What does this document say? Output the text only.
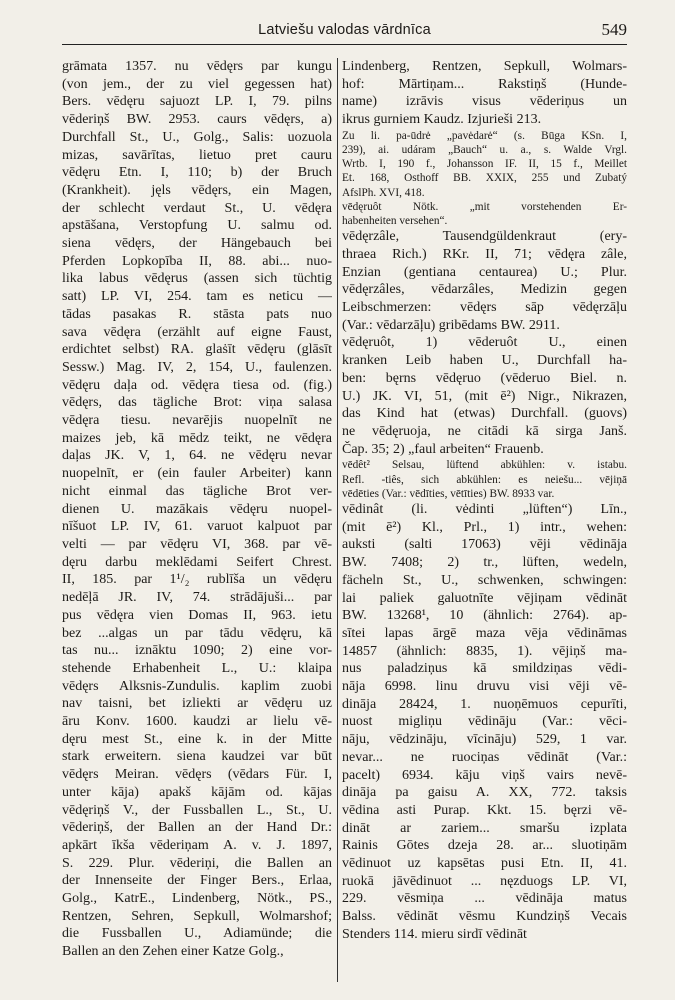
Latviešu valodas vārdnīca	549
grāmata 1357. nu vēdęrs par kungu
(von jem., der zu viel gegessen hat)
Bers. vēdęru sajuozt LP. I, 79. pilns
vēderiņš BW. 2953. caurs vēdęrs, a)
Durchfall St., U., Golg., Salis: uozuola
mizas, savārītas, lietuo pret cauru
vēdęru Etn. I, 110; b) der Bruch
(Krankheit). jęls vēdęrs, ein Magen,
der schlecht verdaut St., U. vēdęra
apstāšana, Verstopfung U. salmu od.
siena vēdęrs, der Hängebauch bei
Pferden Lopkopība II, 88. abi... nuo-
lika labus vēdęrus (assen sich tüchtig
satt) LP. VI, 254. tam es neticu —
tādas pasakas R. stāsta pats nuo
sava vēdęra (erzählt auf eigne Faust,
erdichtet selbst) RA. glaṡīt vēdęru (glāsīt
Sessw.) Mag. IV, 2, 154, U., faulenzen.
vēdęru daļa od. vēdęra tiesa od. (fig.)
vēdęrs, das tägliche Brot: viņa salasa
vēdęra tiesu. nevarējis nuopelnīt ne
maizes jeb, kā mēdz teikt, ne vēdęra
daļas JK. V, 1, 64. ne vēdęru nevar
nuopelnīt, er (ein fauler Arbeiter) kann
nicht einmal das tägliche Brot ver-
dienen U. mazākais vēdęru nuopel-
nīšuot LP. IV, 61. varuot kalpuot par
velti — par vēdęru VI, 368. par vē-
dęru darbu meklēdami Seifert Chrest.
II, 185. par 1¹/₂ rublīša un vēdęru
nedēļā JR. IV, 74. strādājuši... par
pus vēdęra vien Domas II, 963. ietu
bez ...algas un par tādu vēdęru, kā
tas nu... iznāktu 1090; 2) eine vor-
stehende Erhabenheit L., U.: klaipa
vēdęrs Alksnis-Zundulis. kaplim zuobi
nav taisni, bet izliekti ar vēdęru uz
āru Konv. 1600. kaudzi ar lielu vē-
dęru mest St., eine k. in der Mitte
stark erweitern. siena kaudzei var būt
vēdęrs Meiran. vēdęrs (vēdars Für. I,
unter kāja) apakš kājām od. kājas
vēdęriņš V., der Fussballen L., St., U.
vēderiņš, der Ballen an der Hand Dr.:
apkārt īkša vēderiņam A. v. J. 1897,
S. 229. Plur. vēderiņi, die Ballen an
der Innenseite der Finger Bers., Erlaa,
Golg., KatrE., Lindenberg, Nötk., PS.,
Rentzen, Sehren, Sepkull, Wolmarshof;
die Fussballen U., Adiamünde; die
Ballen an den Zehen einer Katze Golg.,
Lindenberg, Rentzen, Sepkull, Wolmars-
hof: Mārtiņam... Rakstiņš (Hunde-
name) izrāvis visus vēderiņus un
ikrus gurniem Kaudz. Izjurieši 213.
Zu li. pa-ūdrė „pavėdarė“ (s. Būga KSn. I,
239), ai. udáram „Bauch“ u. a., s. Walde Vrgl.
Wrtb. I, 190 f., Johansson IF. II, 15 f., Meillet
Et. 168, Osthoff BB. XXIX, 255 und Zubatý
AfslPh. XVI, 418.
vēdęruôt Nötk. „mit vorstehenden Er-
habenheiten versehen“.
vēdęrzâle, Tausendgüldenkraut (ery-
thraea Rich.) RKr. II, 71; vēdęra zâle,
Enzian (gentiana centaurea) U.; Plur.
vēdęrzâles, vēdarzâles, Medizin gegen
Leibschmerzen: vēdęrs sāp vēdęrzāļu
(Var.: vēdarzāļu) gribēdams BW. 2911.
vēdęruôt, 1) vēderuôt U., einen
kranken Leib haben U., Durchfall ha-
ben: bęrns vēdęruo (vēderuo Biel. n.
U.) JK. VI, 51, (mit ē²) Nigr., Nikrazen,
das Kind hat (etwas) Durchfall. (guovs)
ne vēdęruoja, ne citādi kā sirga Janš.
Čap. 35; 2) „faul arbeiten“ Frauenb.
vēdêt² Selsau, lüftend abkühlen: v. istabu.
Refl. -tiês, sich abkühlen: es neiešu... vējiņā
vēdēties (Var.: vēdīties, vētīties) BW. 8933 var.
vēdinât (li. vėdinti „lüften“) Līn.,
(mit ē²) Kl., Prl., 1) intr., wehen:
auksti (salti 17063) vēji vēdināja
BW. 7408; 2) tr., lüften, wedeln,
fächeln St., U., schwenken, schwingen:
lai paliek galuotnīte vējiņam vēdināt
BW. 13268¹, 10 (ähnlich: 2764). ap-
sītei lapas ārgē maza vēja vēdināmas
14857 (ähnlich: 8835, 1). vējiņš ma-
nus paladziņus kā smildziņas vēdi-
nāja 6998. linu druvu visi vēji vē-
dināja 28424, 1. nuoņēmuos cepurīti,
nuost migliņu vēdināju (Var.: vēci-
nāju, vēdzināju, vīcināju) 529, 1 var.
nevar... ne ruociņas vēdināt (Var.:
pacelt) 6934. kāju viņš vairs nevē-
dināja pa gaisu A. XX, 772. taksis
vēdina asti Purap. Kkt. 15. bęrzi vē-
dināt ar zariem... smaršu izplata
Rainis Gōtes dzeja 28. ar... sluotiņām
vēdinuot uz kapsētas pusi Etn. II, 41.
ruokā jāvēdinuot ... nęzduogs LP. VI,
229. vēsmiņa ... vēdināja matus
Balss. vēdināt vēsmu Kundziņš Vecais
Stenders 114. mieru sirdī vēdināt
